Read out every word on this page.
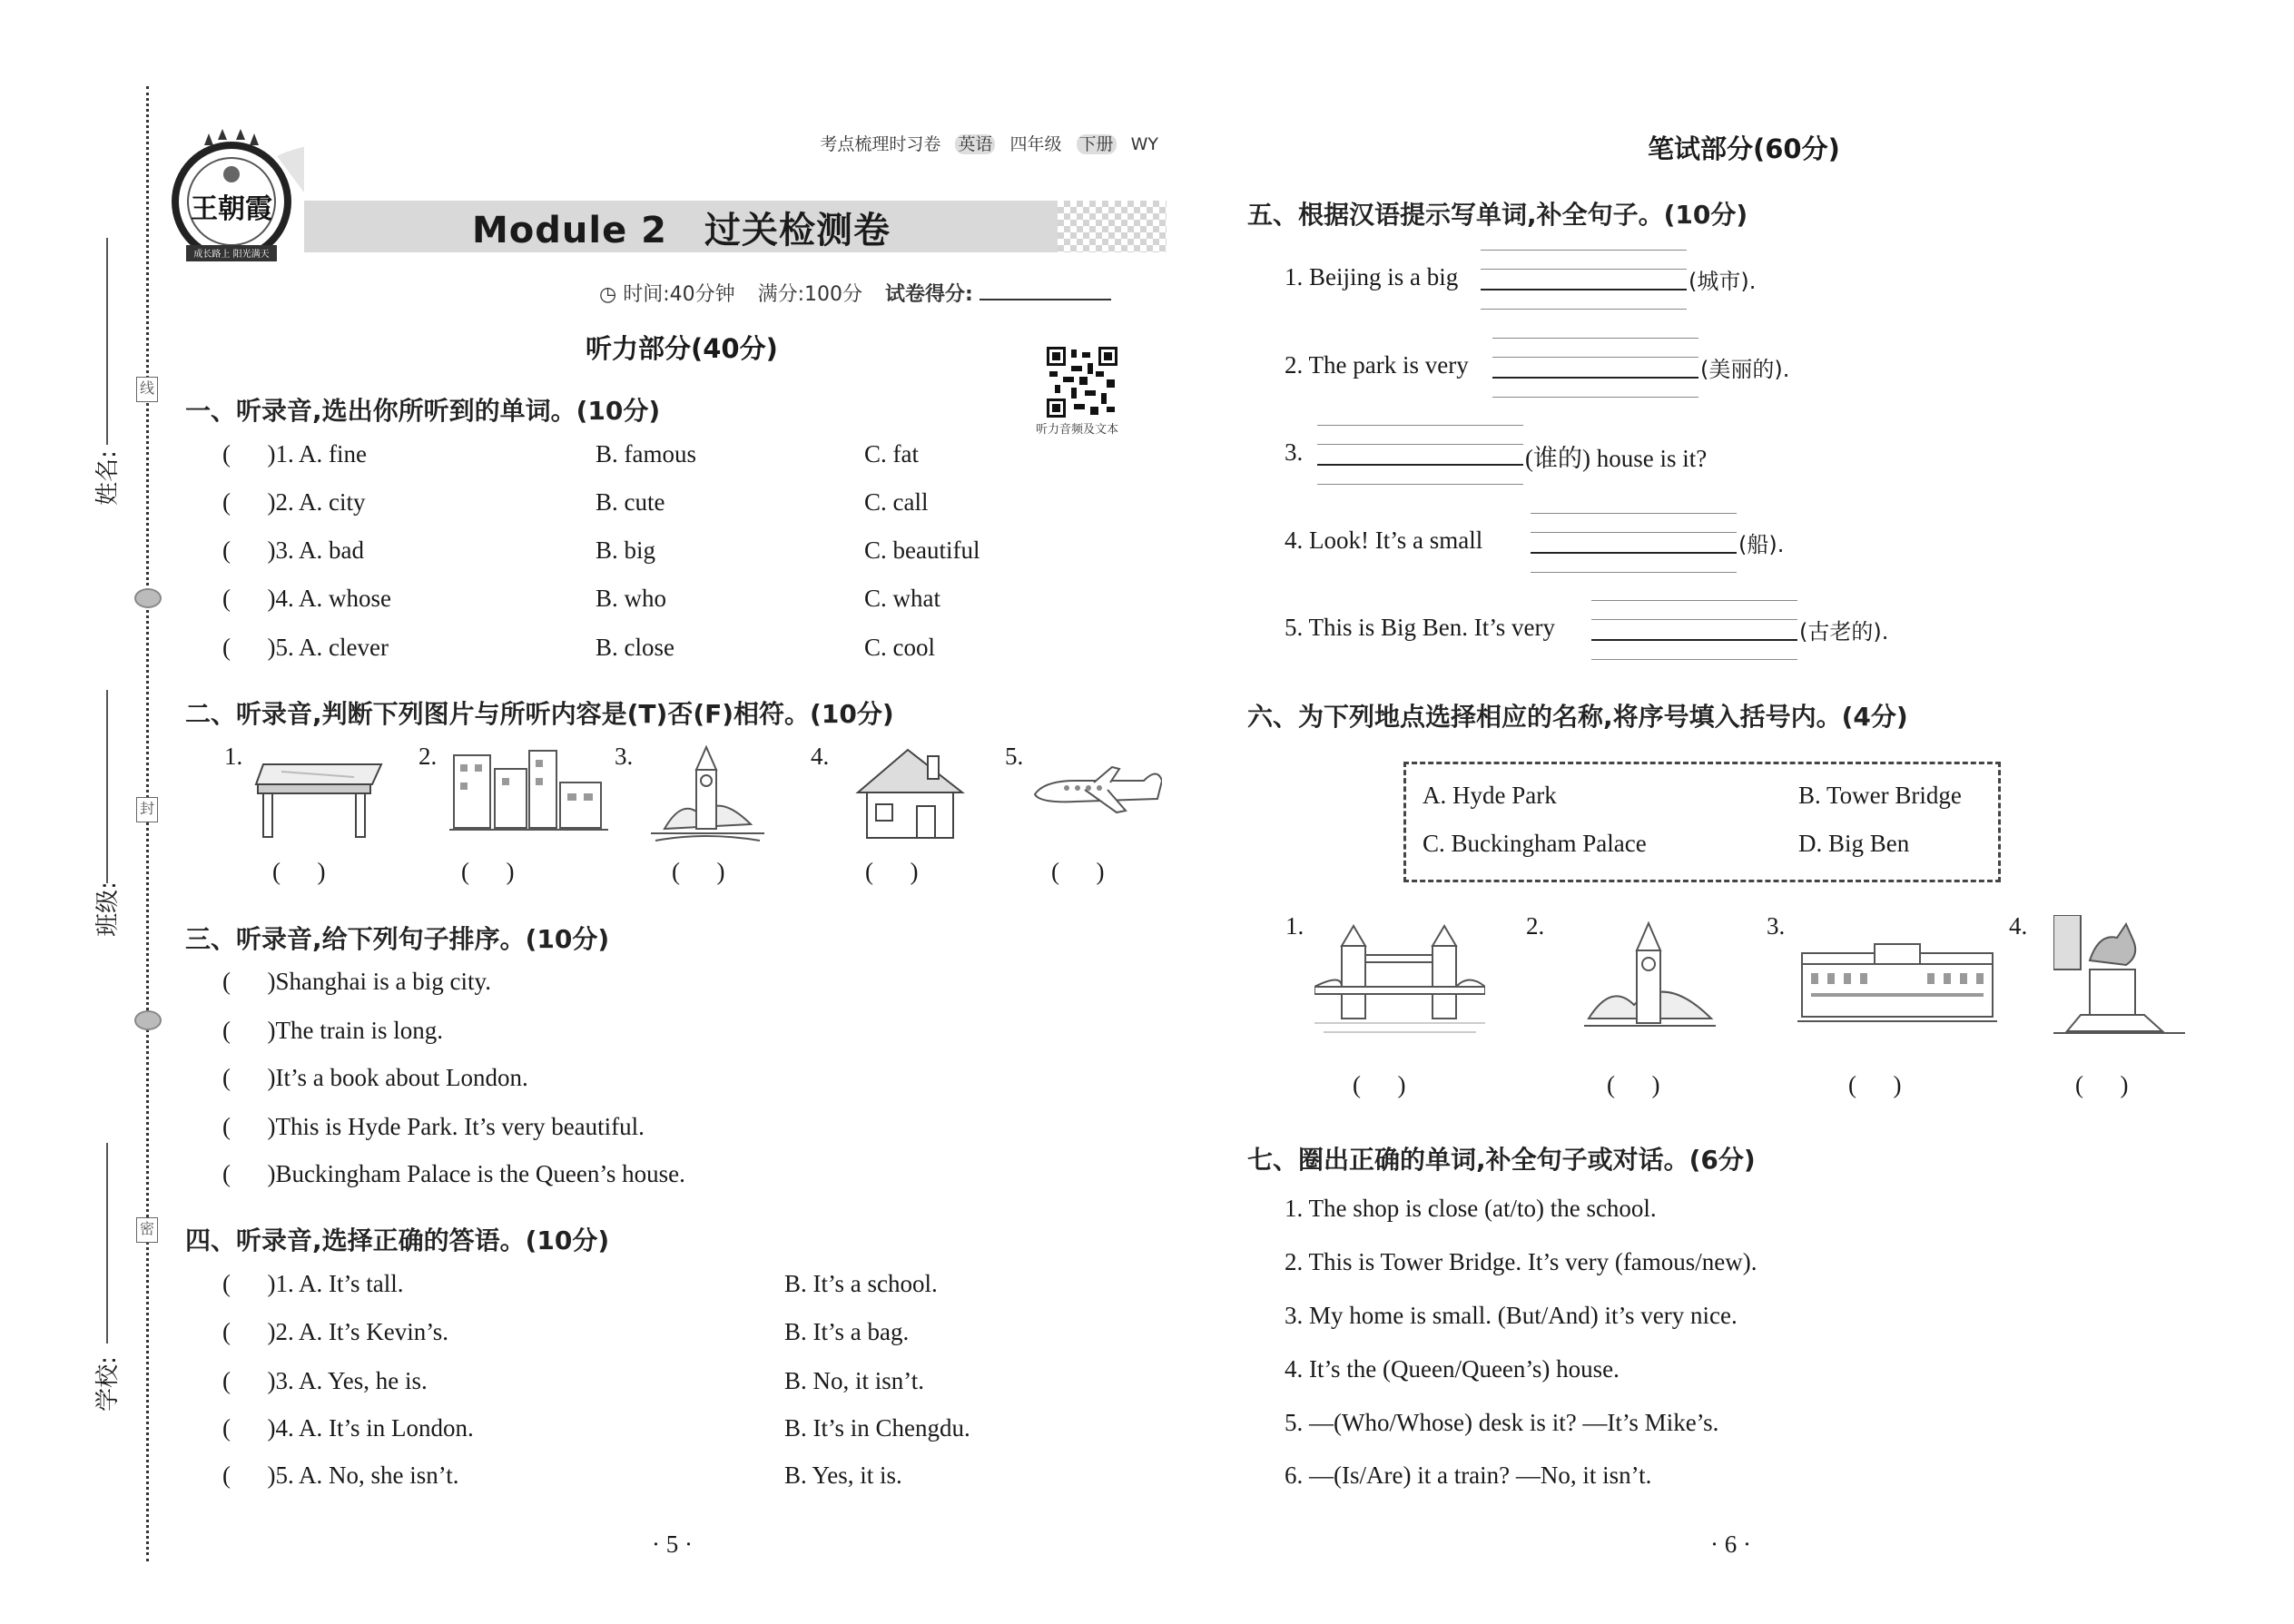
线
封
密
姓名:
班级:
学校:
考点梳理时习卷 英语 四年级 下册 WY
王朝霞
成长路上 阳光满天
Module 2　过关检测卷
◷ 时间:40分钟 满分:100分 试卷得分:
听力部分(40分)
听力音频及文本
一、听录音,选出你所听到的单词。(10分)
(      )1. A. fine	B. famous	C. fat
(      )2. A. city	B. cute	C. call
(      )3. A. bad	B. big	C. beautiful
(      )4. A. whose	B. who	C. what
(      )5. A. clever	B. close	C. cool
二、听录音,判断下列图片与所听内容是(T)否(F)相符。(10分)
1.	2.	3.	4.	5.
(      )	(      )	(      )	(      )	(      )
三、听录音,给下列句子排序。(10分)
(      )Shanghai is a big city.
(      )The train is long.
(      )It’s a book about London.
(      )This is Hyde Park. It’s very beautiful.
(      )Buckingham Palace is the Queen’s house.
四、听录音,选择正确的答语。(10分)
(      )1. A. It’s tall.	B. It’s a school.
(      )2. A. It’s Kevin’s.	B. It’s a bag.
(      )3. A. Yes, he is.	B. No, it isn’t.
(      )4. A. It’s in London.	B. It’s in Chengdu.
(      )5. A. No, she isn’t.	B. Yes, it is.
· 5 ·
笔试部分(60分)
五、根据汉语提示写单词,补全句子。(10分)
1. Beijing is a big	(城市).
2. The park is very	(美丽的).
3.	(谁的) house is it?
4. Look! It’s a small	(船).
5. This is Big Ben. It’s very	(古老的).
六、为下列地点选择相应的名称,将序号填入括号内。(4分)
A. Hyde Park	B. Tower Bridge
C. Buckingham Palace	D. Big Ben
1.	2.	3.	4.
(      )	(      )	(      )	(      )
七、圈出正确的单词,补全句子或对话。(6分)
1. The shop is close (at/to) the school.
2. This is Tower Bridge. It’s very (famous/new).
3. My home is small. (But/And) it’s very nice.
4. It’s the (Queen/Queen’s) house.
5. —(Who/Whose) desk is it? —It’s Mike’s.
6. —(Is/Are) it a train? —No, it isn’t.
· 6 ·
